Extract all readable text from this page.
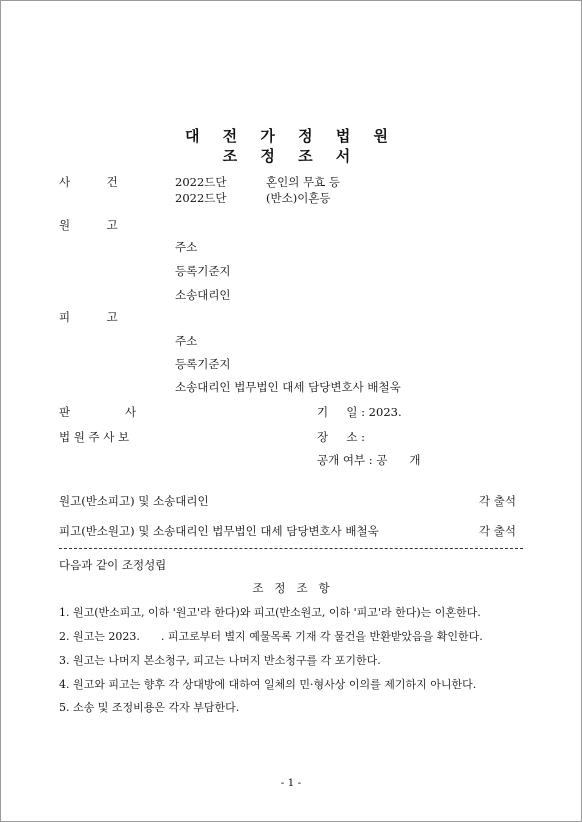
대 전 가 정 법 원
조 정 조 서
사          건	2022드단	혼인의 무효 등
2022드단	(반소)이혼등
원          고
주소
등록기준지
소송대리인
피          고
주소
등록기준지
소송대리인 법무법인 대세 담당변호사 배철욱
판               사
법 원 주 사 보
기     일 : 2023.
장     소 :
공개 여부 : 공      개
원고(반소피고) 및 소송대리인	각 출석
피고(반소원고) 및 소송대리인 법무법인 대세 담당변호사 배철욱	각 출석
다음과 같이 조정성립
조   정   조   항
1. 원고(반소피고, 이하 '원고'라 한다)와 피고(반소원고, 이하 '피고'라 한다)는 이혼한다.
2. 원고는 2023.      . 피고로부터 별지 예물목록 기재 각 물건을 반환받았음을 확인한다.
3. 원고는 나머지 본소청구, 피고는 나머지 반소청구를 각 포기한다.
4. 원고와 피고는 향후 각 상대방에 대하여 일체의 민·형사상 이의를 제기하지 아니한다.
5. 소송 및 조정비용은 각자 부담한다.
- 1 -
